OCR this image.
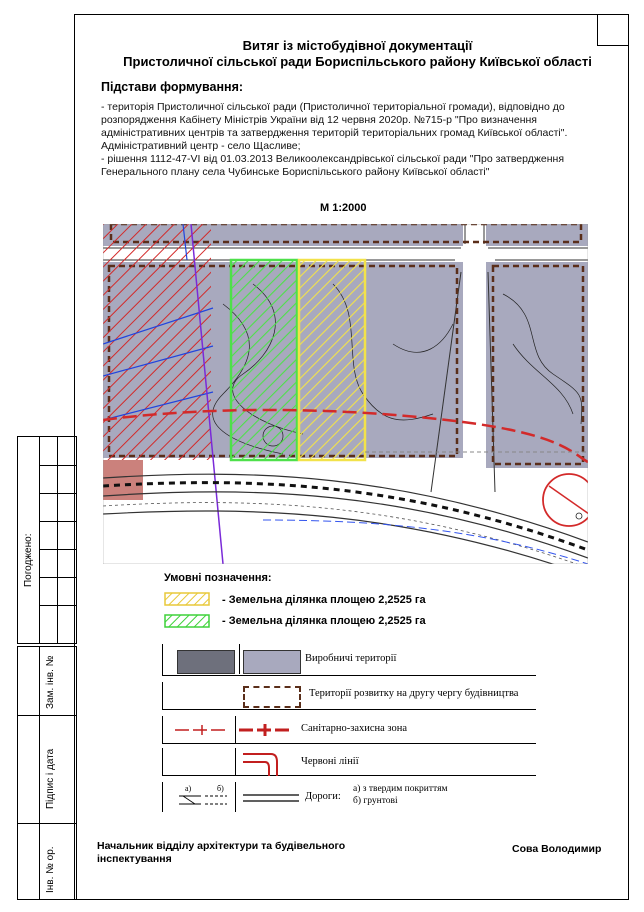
Погоджено:
Зам. інв. №
Підпис і дата
Інв. № ор.
Витяг із містобудівної документації
Пристоличної сільської ради Бориспільського району Київської області
Підстави формування:
- територія Пристоличної сільської ради (Пристоличної територіальної громади), відповідно до
розпорядження Кабінету Міністрів України від 12 червня 2020р. №715-р "Про визначення
адміністративних центрів та затвердження територій територіальних громад Київської області".
Адміністративний центр - село Щасливе;
- рішення 1112-47-VI від 01.03.2013 Великоолександрівської сільської ради "Про затвердження
Генерального плану села Чубинське Бориспільського району Київської області"
М 1:2000
Умовні позначення:
- Земельна ділянка площею 2,2525 га
- Земельна ділянка площею 2,2525 га
Виробничі території
Території розвитку на другу чергу будівництва
Санітарно-захисна зона
Червоні лінії
а)	б)
Дороги:
а) з твердим покриттям
б) грунтові
Начальник відділу архітектури та будівельного
інспектування
Сова Володимир
